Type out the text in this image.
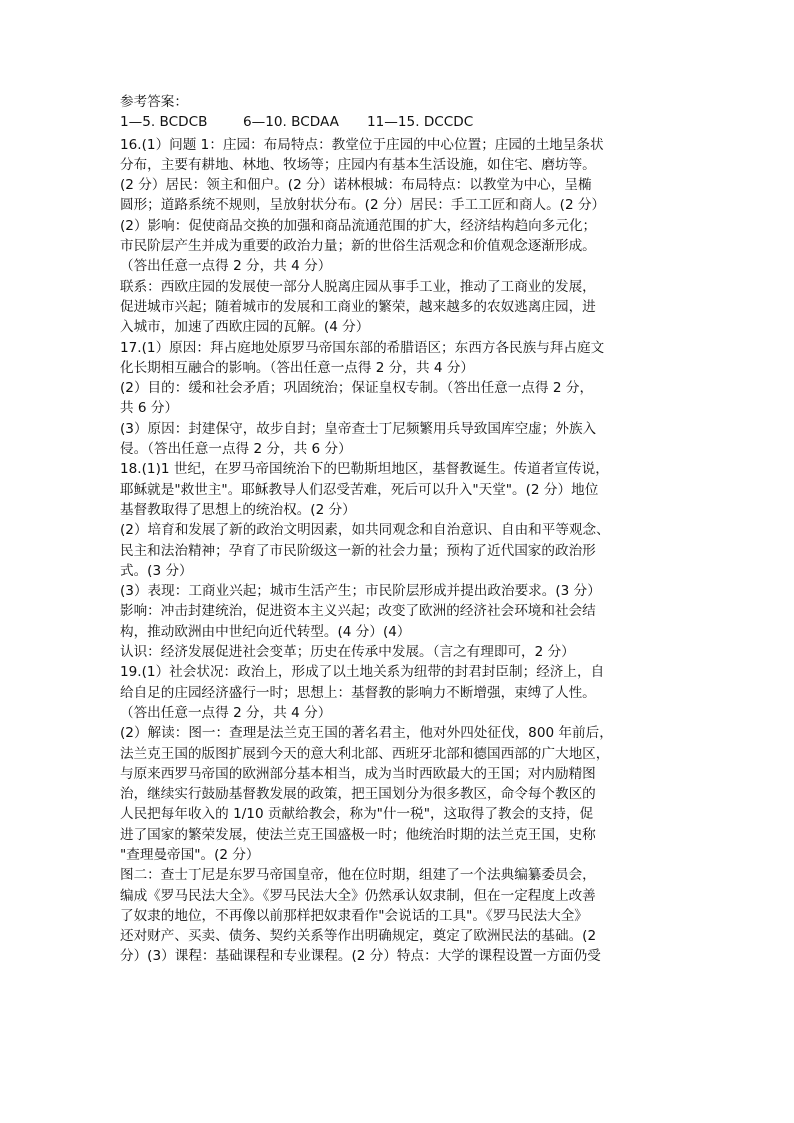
参考答案：

1—5. BCDCB	6—10. BCDAA	11—15. DCCDC

16.(1）问题 1：庄园：布局特点：教堂位于庄园的中心位置；庄园的土地呈条状

分布，主要有耕地、林地、牧场等；庄园内有基本生活设施，如住宅、磨坊等。

(2 分）居民：领主和佃户。(2 分）诺林根城：布局特点：以教堂为中心，呈椭

圆形；道路系统不规则，呈放射状分布。(2 分）居民：手工工匠和商人。(2 分）

(2）影响：促使商品交换的加强和商品流通范围的扩大，经济结构趋向多元化；

市民阶层产生并成为重要的政治力量；新的世俗生活观念和价值观念逐渐形成。

（答出任意一点得 2 分，共 4 分）

联系：西欧庄园的发展使一部分人脱离庄园从事手工业，推动了工商业的发展，

促进城市兴起；随着城市的发展和工商业的繁荣，越来越多的农奴逃离庄园，进

入城市，加速了西欧庄园的瓦解。(4 分）

17.(1）原因：拜占庭地处原罗马帝国东部的希腊语区；东西方各民族与拜占庭文

化长期相互融合的影响。（答出任意一点得 2 分，共 4 分）

(2）目的：缓和社会矛盾；巩固统治；保证皇权专制。（答出任意一点得 2 分，

共 6 分）

(3）原因：封建保守，故步自封；皇帝查士丁尼频繁用兵导致国库空虚；外族入

侵。（答出任意一点得 2 分，共 6 分）

18.(1)1 世纪，在罗马帝国统治下的巴勒斯坦地区，基督教诞生。传道者宣传说，

耶稣就是"救世主"。耶稣教导人们忍受苦难，死后可以升入"天堂"。(2 分）地位

基督教取得了思想上的统治权。(2 分）

(2）培育和发展了新的政治文明因素，如共同观念和自治意识、自由和平等观念、

民主和法治精神；孕育了市民阶级这一新的社会力量；预构了近代国家的政治形

式。(3 分）

(3）表现：工商业兴起；城市生活产生；市民阶层形成并提出政治要求。(3 分）

影响：冲击封建统治，促进资本主义兴起；改变了欧洲的经济社会环境和社会结

构，推动欧洲由中世纪向近代转型。(4 分）(4）

认识：经济发展促进社会变革；历史在传承中发展。（言之有理即可，2 分）

19.(1）社会状况：政治上，形成了以土地关系为纽带的封君封臣制；经济上，自

给自足的庄园经济盛行一时；思想上：基督教的影响力不断增强，束缚了人性。

（答出任意一点得 2 分，共 4 分）

(2）解读：图一：查理是法兰克王国的著名君主，他对外四处征伐，800 年前后，

法兰克王国的版图扩展到今天的意大利北部、西班牙北部和德国西部的广大地区，

与原来西罗马帝国的欧洲部分基本相当，成为当时西欧最大的王国；对内励精图

治，继续实行鼓励基督教发展的政策，把王国划分为很多教区，命令每个教区的

人民把每年收入的 1/10 贡献给教会，称为"什一税"，这取得了教会的支持，促

进了国家的繁荣发展，使法兰克王国盛极一时；他统治时期的法兰克王国，史称

"查理曼帝国"。(2 分）

图二：查士丁尼是东罗马帝国皇帝，他在位时期，组建了一个法典编纂委员会，

编成《罗马民法大全》。《罗马民法大全》仍然承认奴隶制，但在一定程度上改善

了奴隶的地位，不再像以前那样把奴隶看作"会说话的工具"。《罗马民法大全》

还对财产、买卖、债务、契约关系等作出明确规定，奠定了欧洲民法的基础。(2

分）(3）课程：基础课程和专业课程。(2 分）特点：大学的课程设置一方面仍受
